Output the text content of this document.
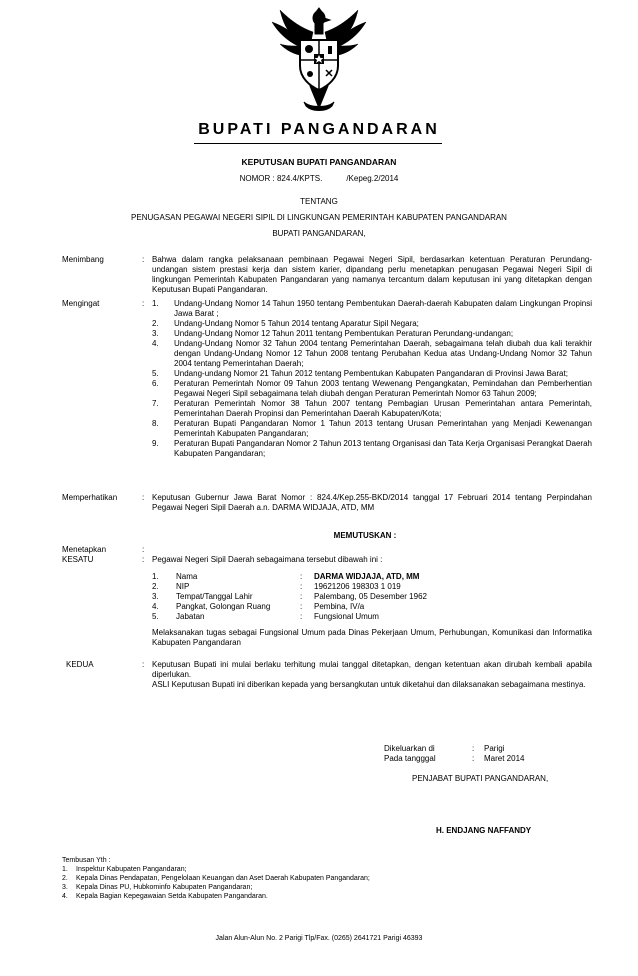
BUPATI PANGANDARAN
KEPUTUSAN BUPATI PANGANDARAN
NOMOR : 824.4/KPTS.	/Kepeg.2/2014
TENTANG
PENUGASAN PEGAWAI NEGERI SIPIL DI LINGKUNGAN PEMERINTAH KABUPATEN PANGANDARAN
BUPATI PANGANDARAN,
Menimbang	: Bahwa dalam rangka pelaksanaan pembinaan Pegawai Negeri Sipil, berdasarkan ketentuan Peraturan Perundang-undangan sistem prestasi kerja dan sistem karier, dipandang perlu menetapkan penugasan Pegawai Negeri Sipil di lingkungan Pemerintah Kabupaten Pangandaran yang namanya tercantum dalam keputusan ini yang ditetapkan dengan Keputusan Bupati Pangandaran.
Mengingat	: 1. Undang-Undang Nomor 14 Tahun 1950 tentang Pembentukan Daerah-daerah Kabupaten dalam Lingkungan Propinsi Jawa Barat ;
2. Undang-Undang Nomor 5 Tahun 2014 tentang Aparatur Sipil Negara;
3. Undang-Undang Nomor 12 Tahun 2011 tentang Pembentukan Peraturan Perundang-undangan;
4. Undang-Undang Nomor 32 Tahun 2004 tentang Pemerintahan Daerah, sebagaimana telah diubah dua kali terakhir dengan Undang-Undang Nomor 12 Tahun 2008 tentang Perubahan Kedua atas Undang-Undang Nomor 32 Tahun 2004 tentang Pemerintahan Daerah;
5. Undang-undang Nomor 21 Tahun 2012 tentang Pembentukan Kabupaten Pangandaran di Provinsi Jawa Barat;
6. Peraturan Pemerintah Nomor 09 Tahun 2003 tentang Wewenang Pengangkatan, Pemindahan dan Pemberhentian Pegawai Negeri Sipil sebagaimana telah diubah dengan Peraturan Pemerintah Nomor 63 Tahun 2009;
7. Peraturan Pemerintah Nomor 38 Tahun 2007 tentang Pembagian Urusan Pemerintahan antara Pemerintah, Pemerintahan Daerah Propinsi dan Pemerintahan Daerah Kabupaten/Kota;
8. Peraturan Bupati Pangandaran Nomor 1 Tahun 2013 tentang Urusan Pemerintahan yang Menjadi Kewenangan Pemerintah Kabupaten Pangandaran;
9. Peraturan Bupati Pangandaran Nomor 2 Tahun 2013 tentang Organisasi dan Tata Kerja Organisasi Perangkat Daerah Kabupaten Pangandaran;
Memperhatikan	: Keputusan Gubernur Jawa Barat Nomor : 824.4/Kep.255-BKD/2014 tanggal 17 Februari 2014 tentang Perpindahan Pegawai Negeri Sipil Daerah a.n. DARMA WIDJAJA, ATD, MM
MEMUTUSKAN :
Menetapkan	:
KESATU	: Pegawai Negeri Sipil Daerah sebagaimana tersebut dibawah ini :
1. Nama	: DARMA WIDJAJA, ATD, MM
2. NIP	: 19621206 198303 1 019
3. Tempat/Tanggal Lahir	: Palembang, 05 Desember 1962
4. Pangkat, Golongan Ruang	: Pembina, IV/a
5. Jabatan	: Fungsional Umum
Melaksanakan tugas sebagai Fungsional Umum pada Dinas Pekerjaan Umum, Perhubungan, Komunikasi dan Informatika Kabupaten Pangandaran
KEDUA	: Keputusan Bupati ini mulai berlaku terhitung mulai tanggal ditetapkan, dengan ketentuan akan dirubah kembali apabila diperlukan.
ASLI Keputusan Bupati ini diberikan kepada yang bersangkutan untuk diketahui dan dilaksanakan sebagaimana mestinya.
Dikeluarkan di	: Parigi
Pada tangggal	: Maret 2014
PENJABAT BUPATI PANGANDARAN,
H. ENDJANG NAFFANDY
Tembusan Yth :
1. Inspektur Kabupaten Pangandaran;
2. Kepala Dinas Pendapatan, Pengelolaan Keuangan dan Aset Daerah Kabupaten Pangandaran;
3. Kepala Dinas PU, Hubkominfo Kabupaten Pangandaran;
4. Kepala Bagian Kepegawaian Setda Kabupaten Pangandaran.
Jalan Alun-Alun No. 2 Parigi Tlp/Fax. (0265) 2641721 Parigi 46393
